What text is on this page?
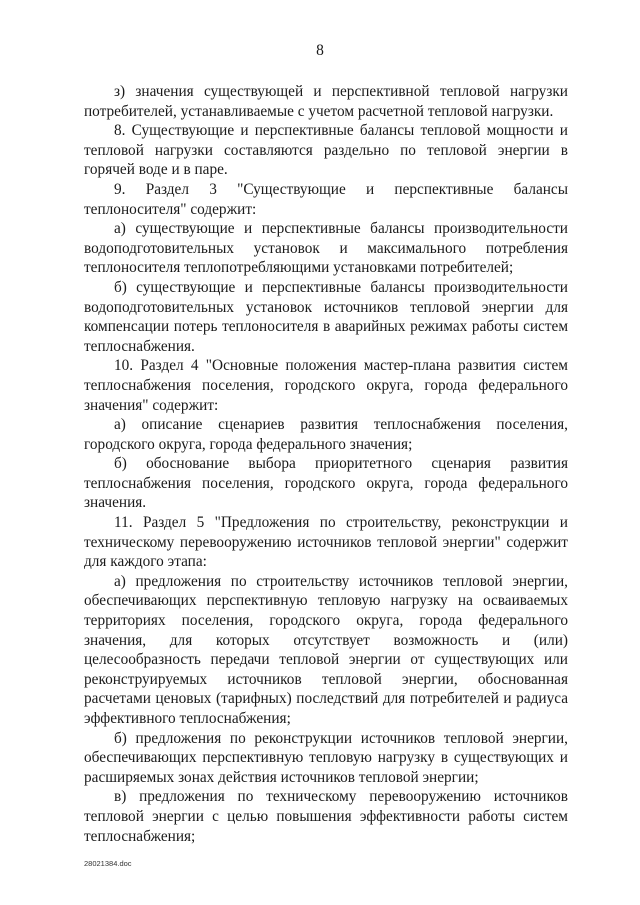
8

з) значения существующей и перспективной тепловой нагрузки потребителей, устанавливаемые с учетом расчетной тепловой нагрузки.

8. Существующие и перспективные балансы тепловой мощности и тепловой нагрузки составляются раздельно по тепловой энергии в горячей воде и в паре.

9. Раздел 3 "Существующие и перспективные балансы теплоносителя" содержит:

а) существующие и перспективные балансы производительности водоподготовительных установок и максимального потребления теплоносителя теплопотребляющими установками потребителей;

б) существующие и перспективные балансы производительности водоподготовительных установок источников тепловой энергии для компенсации потерь теплоносителя в аварийных режимах работы систем теплоснабжения.

10. Раздел 4 "Основные положения мастер-плана развития систем теплоснабжения поселения, городского округа, города федерального значения" содержит:

а) описание сценариев развития теплоснабжения поселения, городского округа, города федерального значения;

б) обоснование выбора приоритетного сценария развития теплоснабжения поселения, городского округа, города федерального значения.

11. Раздел 5 "Предложения по строительству, реконструкции и техническому перевооружению источников тепловой энергии" содержит для каждого этапа:

а) предложения по строительству источников тепловой энергии, обеспечивающих перспективную тепловую нагрузку на осваиваемых территориях поселения, городского округа, города федерального значения, для которых отсутствует возможность и (или) целесообразность передачи тепловой энергии от существующих или реконструируемых источников тепловой энергии, обоснованная расчетами ценовых (тарифных) последствий для потребителей и радиуса эффективного теплоснабжения;

б) предложения по реконструкции источников тепловой энергии, обеспечивающих перспективную тепловую нагрузку в существующих и расширяемых зонах действия источников тепловой энергии;

в) предложения по техническому перевооружению источников тепловой энергии с целью повышения эффективности работы систем теплоснабжения;

28021384.doc
